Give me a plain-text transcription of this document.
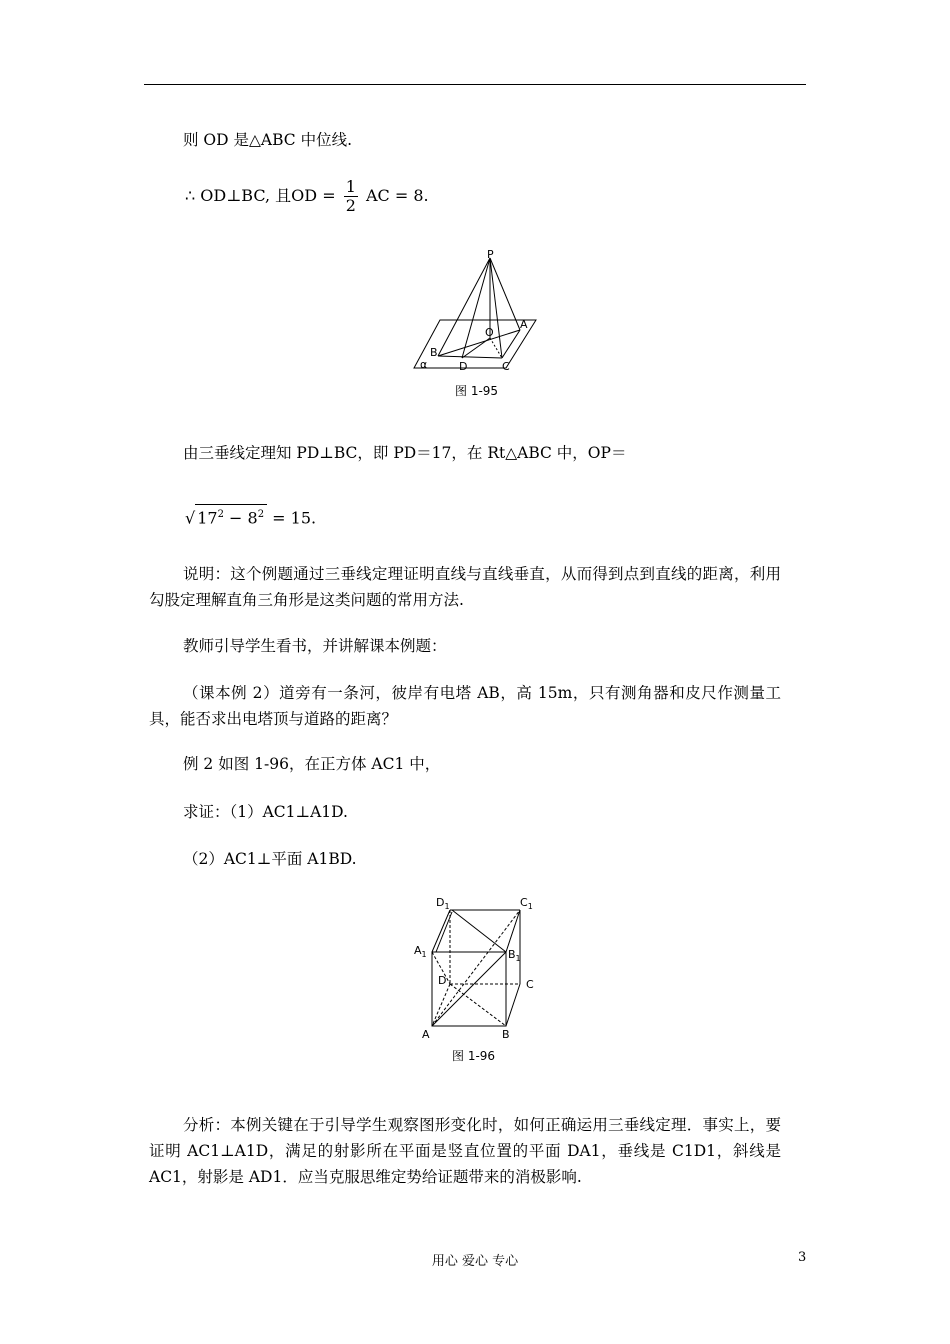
则 OD 是△ABC 中位线.
∴ OD⊥BC, 且OD = $\frac{1}{2}$ AC = 8.
P
O
A
B
C
D
α
图 1-95
由三垂线定理知 PD⊥BC，即 PD＝17，在 Rt△ABC 中，OP＝
√ $17^2 - 8^2 = 15$.
说明：这个例题通过三垂线定理证明直线与直线垂直，从而得到点到直线的距离，利用勾股定理解直角三角形是这类问题的常用方法.
教师引导学生看书，并讲解课本例题：
（课本例 2）道旁有一条河，彼岸有电塔 AB，高 15m，只有测角器和皮尺作测量工具，能否求出电塔顶与道路的距离？
例 2 如图 1-96，在正方体 AC1 中，
求证：（1）AC1⊥A1D.
（2）AC1⊥平面 A1BD.
$D_1$	$C_1$
$A_1$	$B_1$
D	C
A	B
图 1-96
分析：本例关键在于引导学生观察图形变化时，如何正确运用三垂线定理．事实上，要证明 AC1⊥A1D，满足的射影所在平面是竖直位置的平面 DA1，垂线是 C1D1，斜线是 AC1，射影是 AD1．应当克服思维定势给证题带来的消极影响.
用心 爱心 专心	3
